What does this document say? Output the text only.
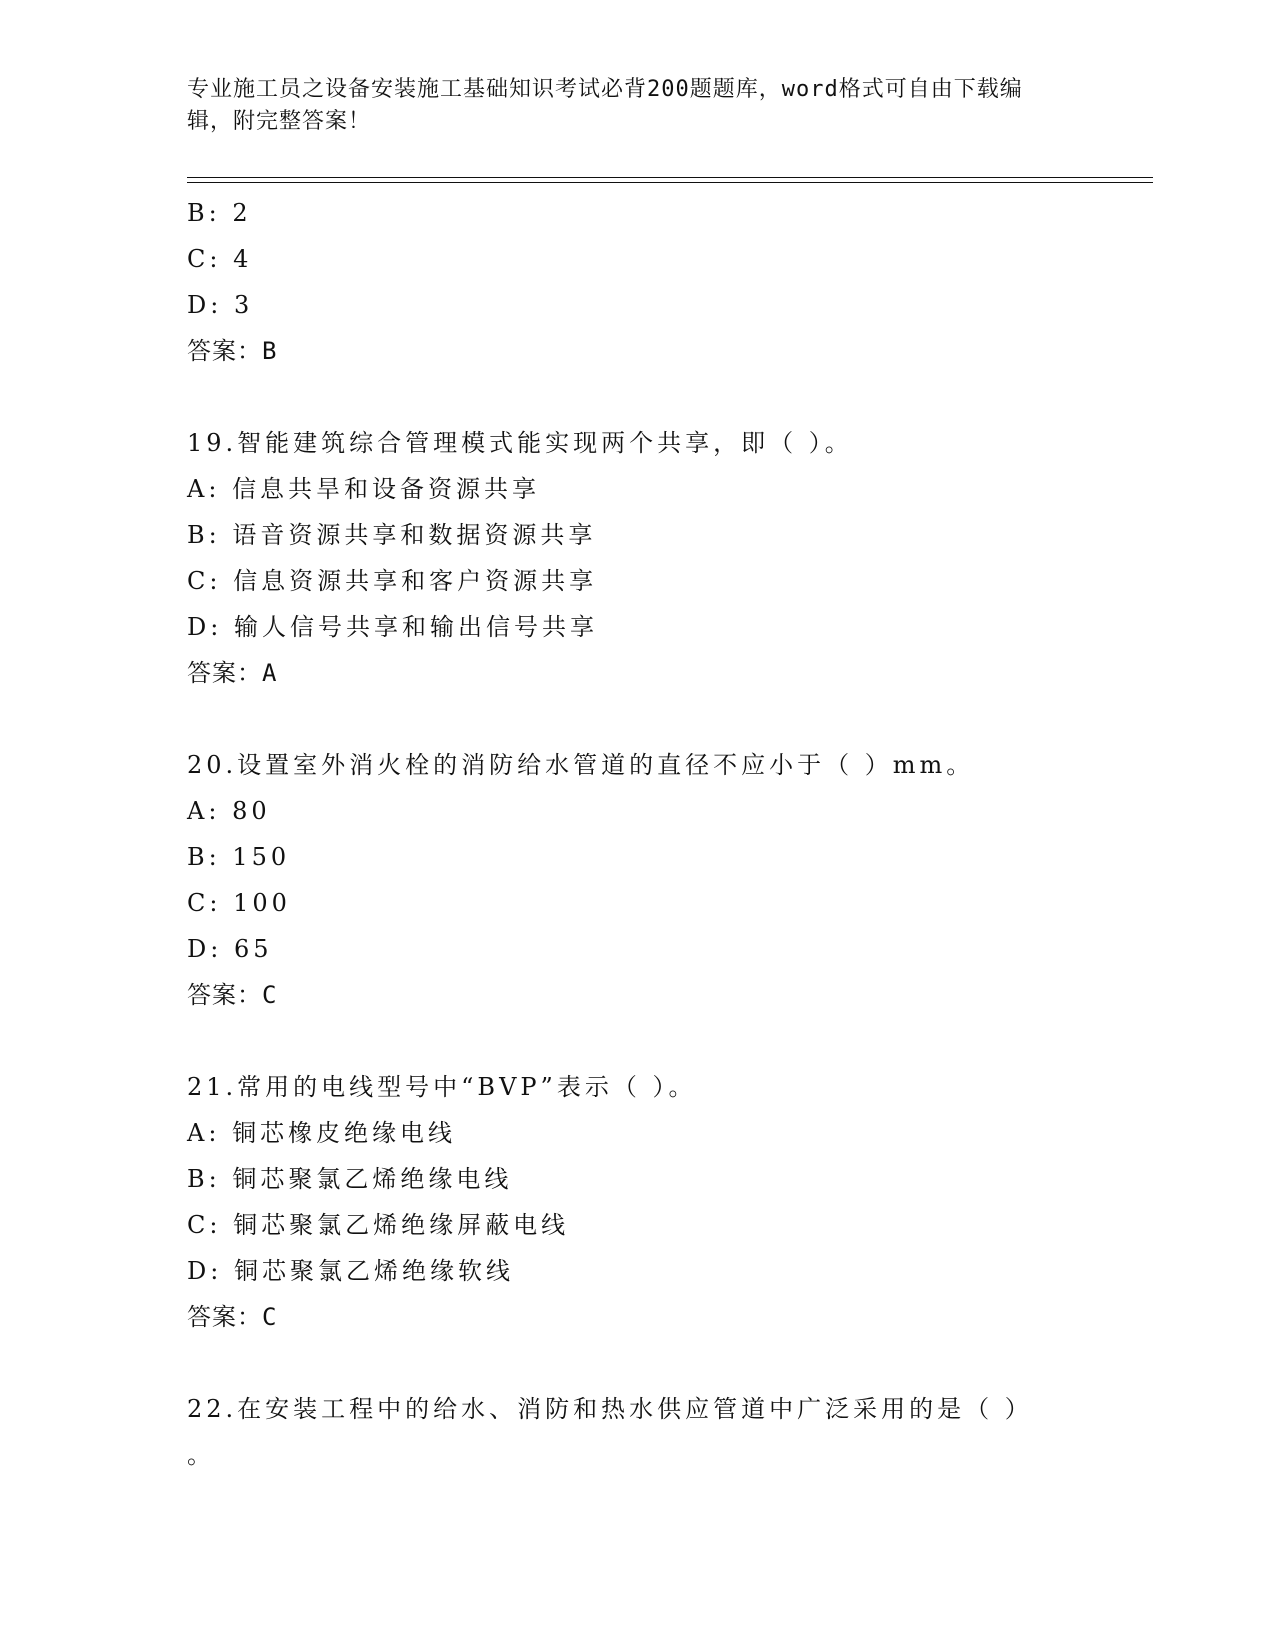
专业施工员之设备安装施工基础知识考试必背200题题库，word格式可自由下载编辑，附完整答案！
B: 2
C: 4
D: 3
答案：B
19.智能建筑综合管理模式能实现两个共享，即（ ）。
A: 信息共旱和设备资源共享
B: 语音资源共享和数据资源共享
C: 信息资源共享和客户资源共享
D: 输人信号共享和输出信号共享
答案：A
20.设置室外消火栓的消防给水管道的直径不应小于（ ）mm。
A: 80
B: 150
C: 100
D: 65
答案：C
21.常用的电线型号中“BVP”表示（ ）。
A: 铜芯橡皮绝缘电线
B: 铜芯聚氯乙烯绝缘电线
C: 铜芯聚氯乙烯绝缘屏蔽电线
D: 铜芯聚氯乙烯绝缘软线
答案：C
22.在安装工程中的给水、消防和热水供应管道中广泛采用的是（ ）
。
